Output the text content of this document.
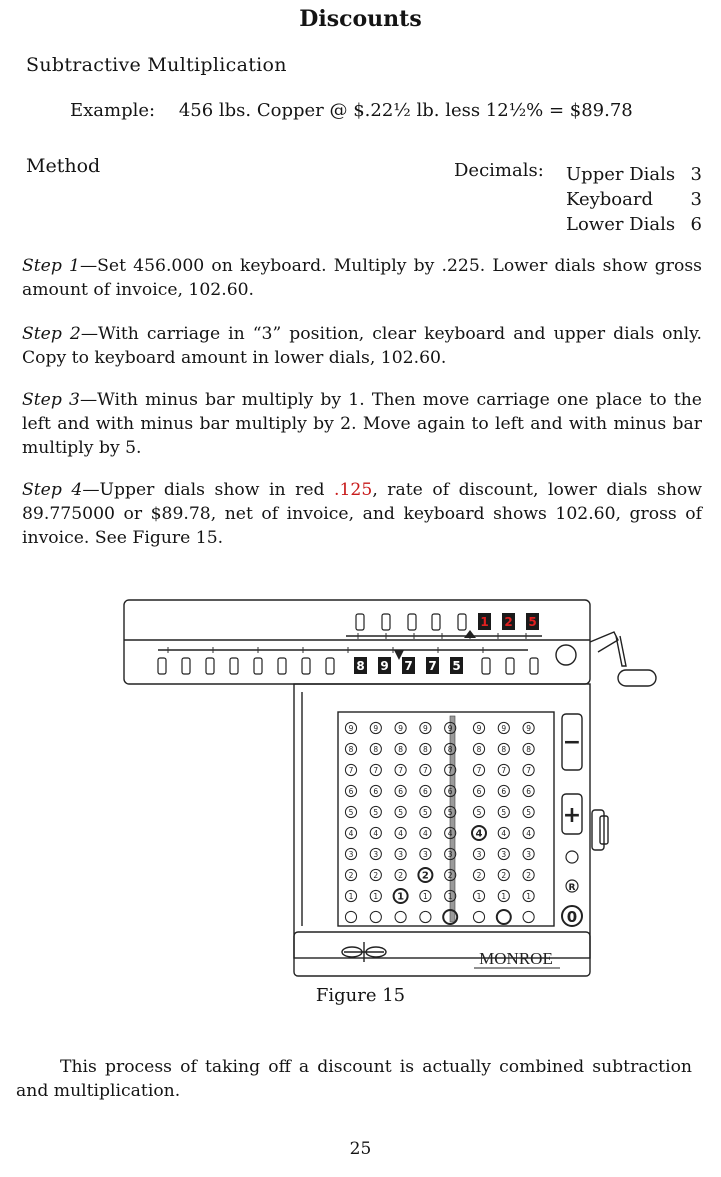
Discounts
Subtractive Multiplication
Example: 456 lbs. Copper @ $.22½ lb. less 12½% = $89.78
Method	Decimals: Upper Dials 3
Keyboard 3
Lower Dials 6
Step 1—Set 456.000 on keyboard. Multiply by .225. Lower dials show gross amount of invoice, 102.60.
Step 2—With carriage in “3” position, clear keyboard and upper dials only. Copy to keyboard amount in lower dials, 102.60.
Step 3—With minus bar multiply by 1. Then move carriage one place to the left and with minus bar multiply by 2. Move again to left and with minus bar multiply by 5.
Step 4—Upper dials show in red .125, rate of discount, lower dials show 89.775000 or $89.78, net of invoice, and keyboard shows 102.60, gross of invoice. See Figure 15.
1 2 5
8 9 7 7 5
9
8
7
6
5
4
3
2
1
9
8
7
6
5
4
3
2
1
9
8
7
6
5
4
3
2
1
9
8
7
6
5
4
3
2
1
9
8
7
6
5
4
3
2
1
9
8
7
6
5
4
3
2
1
9
8
7
6
5
4
3
2
1
9
8
7
6
5
4
3
2
1
−
+
R
0
MONROE
Figure 15
This process of taking off a discount is actually combined subtraction and multiplication.
25
